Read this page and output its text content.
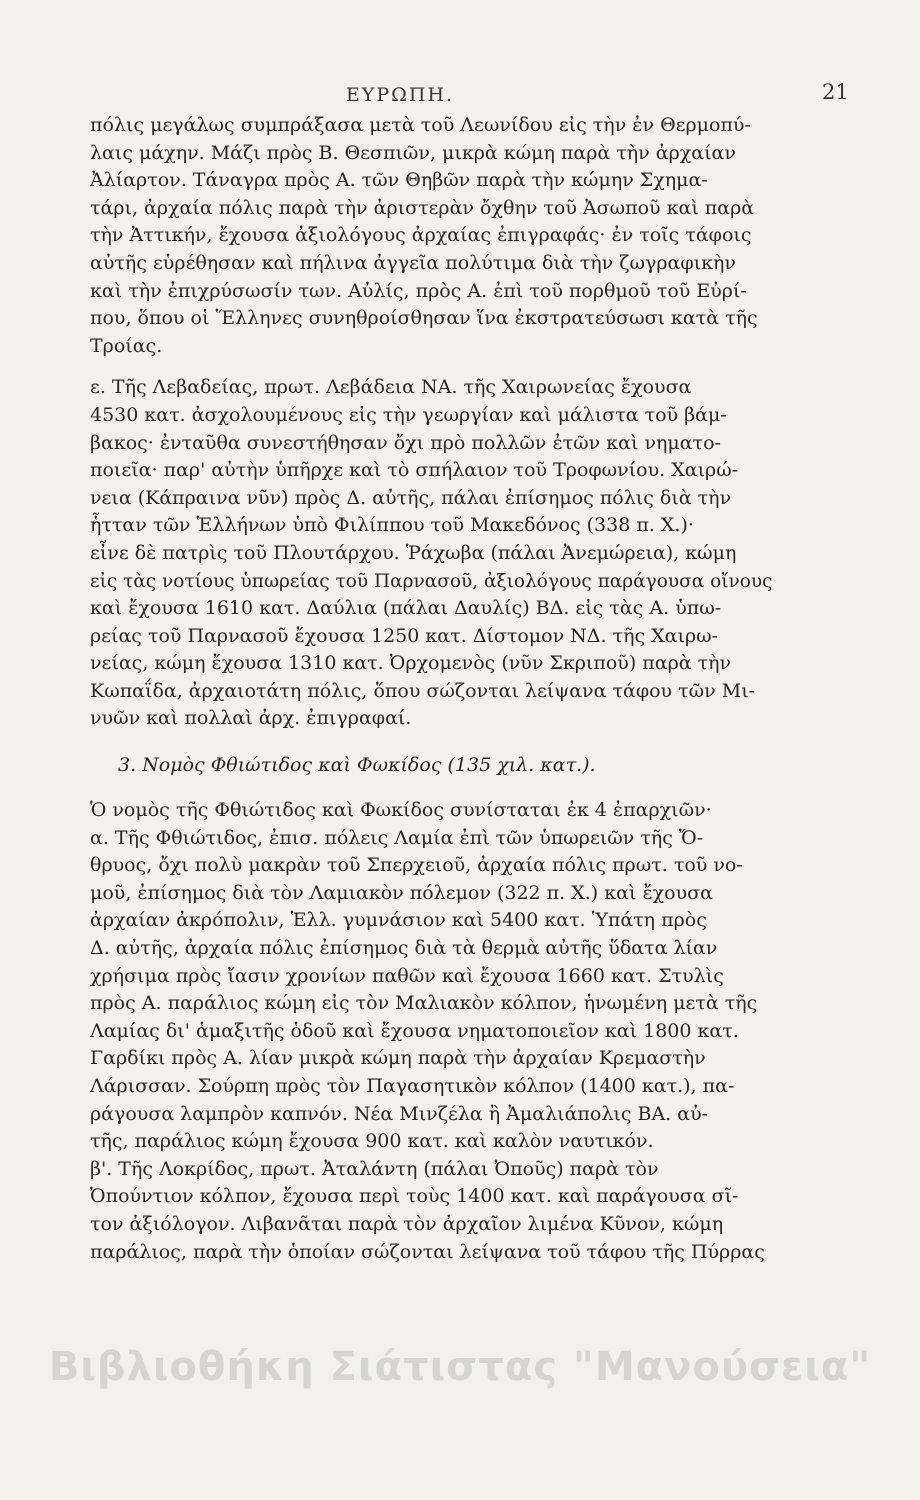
ΕΥΡΩΠΗ.	21
πόλις μεγάλως συμπράξασα μετὰ τοῦ Λεωνίδου εἰς τὴν ἐν Θερμοπύ-
λαις μάχην. Μάζι πρὸς Β. Θεσπιῶν, μικρὰ κώμη παρὰ τὴν ἀρχαίαν
Ἀλίαρτον. Τάναγρα πρὸς Α. τῶν Θηβῶν παρὰ τὴν κώμην Σχημα-
τάρι, ἀρχαία πόλις παρὰ τὴν ἀριστερὰν ὄχθην τοῦ Ἀσωποῦ καὶ παρὰ
τὴν Ἀττικήν, ἔχουσα ἀξιολόγους ἀρχαίας ἐπιγραφάς· ἐν τοῖς τάφοις
αὐτῆς εὑρέθησαν καὶ πήλινα ἀγγεῖα πολύτιμα διὰ τὴν ζωγραφικὴν
καὶ τὴν ἐπιχρύσωσίν των. Αὐλίς, πρὸς Α. ἐπὶ τοῦ πορθμοῦ τοῦ Εὐρί-
που, ὅπου οἱ Ἕλληνες συνηθροίσθησαν ἵνα ἐκστρατεύσωσι κατὰ τῆς
Τροίας.
ε. Τῆς Λεβαδείας, πρωτ. Λεβάδεια ΝΑ. τῆς Χαιρωνείας ἔχουσα
4530 κατ. ἀσχολουμένους εἰς τὴν γεωργίαν καὶ μάλιστα τοῦ βάμ-
βακος· ἐνταῦθα συνεστήθησαν ὄχι πρὸ πολλῶν ἐτῶν καὶ νηματο-
ποιεῖα· παρ' αὐτὴν ὑπῆρχε καὶ τὸ σπήλαιον τοῦ Τροφωνίου. Χαιρώ-
νεια (Κάπραινα νῦν) πρὸς Δ. αὐτῆς, πάλαι ἐπίσημος πόλις διὰ τὴν
ἧτταν τῶν Ἑλλήνων ὑπὸ Φιλίππου τοῦ Μακεδόνος (338 π. Χ.)·
εἶνε δὲ πατρὶς τοῦ Πλουτάρχου. Ῥάχωβα (πάλαι Ἀνεμώρεια), κώμη
εἰς τὰς νοτίους ὑπωρείας τοῦ Παρνασοῦ, ἀξιολόγους παράγουσα οἴνους
καὶ ἔχουσα 1610 κατ. Δαύλια (πάλαι Δαυλίς) ΒΔ. εἰς τὰς Α. ὑπω-
ρείας τοῦ Παρνασοῦ ἔχουσα 1250 κατ. Δίστομον ΝΔ. τῆς Χαιρω-
νείας, κώμη ἔχουσα 1310 κατ. Ὀρχομενὸς (νῦν Σκριποῦ) παρὰ τὴν
Κωπαΐδα, ἀρχαιοτάτη πόλις, ὅπου σώζονται λείψανα τάφου τῶν Μι-
νυῶν καὶ πολλαὶ ἀρχ. ἐπιγραφαί.
3. Νομὸς Φθιώτιδος καὶ Φωκίδος (135 χιλ. κατ.).
Ὁ νομὸς τῆς Φθιώτιδος καὶ Φωκίδος συνίσταται ἐκ 4 ἐπαρχιῶν·
α. Τῆς Φθιώτιδος, ἐπισ. πόλεις Λαμία ἐπὶ τῶν ὑπωρειῶν τῆς Ὄ-
θρυος, ὄχι πολὺ μακρὰν τοῦ Σπερχειοῦ, ἀρχαία πόλις πρωτ. τοῦ νο-
μοῦ, ἐπίσημος διὰ τὸν Λαμιακὸν πόλεμον (322 π. Χ.) καὶ ἔχουσα
ἀρχαίαν ἀκρόπολιν, Ἑλλ. γυμνάσιον καὶ 5400 κατ. Ὑπάτη πρὸς
Δ. αὐτῆς, ἀρχαία πόλις ἐπίσημος διὰ τὰ θερμὰ αὐτῆς ὕδατα λίαν
χρήσιμα πρὸς ἴασιν χρονίων παθῶν καὶ ἔχουσα 1660 κατ. Στυλὶς
πρὸς Α. παράλιος κώμη εἰς τὸν Μαλιακὸν κόλπον, ἡνωμένη μετὰ τῆς
Λαμίας δι' ἁμαξιτῆς ὁδοῦ καὶ ἔχουσα νηματοποιεῖον καὶ 1800 κατ.
Γαρδίκι πρὸς Α. λίαν μικρὰ κώμη παρὰ τὴν ἀρχαίαν Κρεμαστὴν
Λάρισσαν. Σούρπη πρὸς τὸν Παγασητικὸν κόλπον (1400 κατ.), πα-
ράγουσα λαμπρὸν καπνόν. Νέα Μινζέλα ἢ Ἀμαλιάπολις ΒΑ. αὐ-
τῆς, παράλιος κώμη ἔχουσα 900 κατ. καὶ καλὸν ναυτικόν.
β'. Τῆς Λοκρίδος, πρωτ. Ἀταλάντη (πάλαι Ὀποῦς) παρὰ τὸν
Ὀπούντιον κόλπον, ἔχουσα περὶ τοὺς 1400 κατ. καὶ παράγουσα σῖ-
τον ἀξιόλογον. Λιβανᾶται παρὰ τὸν ἀρχαῖον λιμένα Κῦνον, κώμη
παράλιος, παρὰ τὴν ὁποίαν σώζονται λείψανα τοῦ τάφου τῆς Πύρρας
Βιβλιοθήκη Σιάτιστας "Μανούσεια"
